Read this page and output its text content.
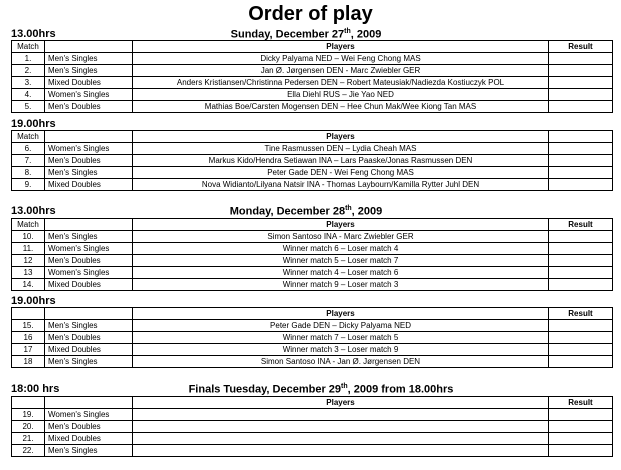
Order of play
13.00hrs	Sunday, December 27th, 2009
Match		Players	Result
1.	Men's Singles	Dicky Palyama NED – Wei Feng Chong MAS	
2.	Men's Singles	Jan Ø. Jørgensen DEN - Marc Zwiebler GER	
3.	Mixed Doubles	Anders Kristiansen/Christinna Pedersen DEN – Robert Mateusiak/Nadiezda Kostiuczyk POL	
4.	Women's Singles	Ella Diehl RUS – Jie Yao NED	
5.	Men's Doubles	Mathias Boe/Carsten Mogensen DEN – Hee Chun Mak/Wee Kiong Tan MAS	
19.00hrs
Match		Players	
6.	Women's Singles	Tine Rasmussen DEN – Lydia Cheah MAS	
7.	Men's Doubles	Markus Kido/Hendra Setiawan INA – Lars Paaske/Jonas Rasmussen DEN	
8.	Men's Singles	Peter Gade DEN - Wei Feng Chong MAS	
9.	Mixed Doubles	Nova Widianto/Lilyana Natsir INA - Thomas Laybourn/Kamilla Rytter Juhl DEN	
13.00hrs	Monday, December 28th, 2009
Match		Players	Result
10.	Men's Singles	Simon Santoso INA - Marc Zwiebler GER	
11.	Women's Singles	Winner match 6 – Loser match 4	
12	Men's Doubles	Winner match 5 – Loser match 7	
13	Women's Singles	Winner match 4 – Loser match 6	
14.	Mixed Doubles	Winner match 9 – Loser match 3	
19.00hrs
		Players	Result
15.	Men's Singles	Peter Gade DEN – Dicky Palyama NED	
16	Men's Doubles	Winner match 7 – Loser match 5	
17	Mixed Doubles	Winner match 3 – Loser match 9	
18	Men's Singles	Simon Santoso INA - Jan Ø. Jørgensen DEN	
18:00 hrs	Finals Tuesday, December 29th, 2009 from 18.00hrs
		Players	Result
19.	Women's Singles		
20.	Men's Doubles		
21.	Mixed Doubles		
22.	Men's Singles		
